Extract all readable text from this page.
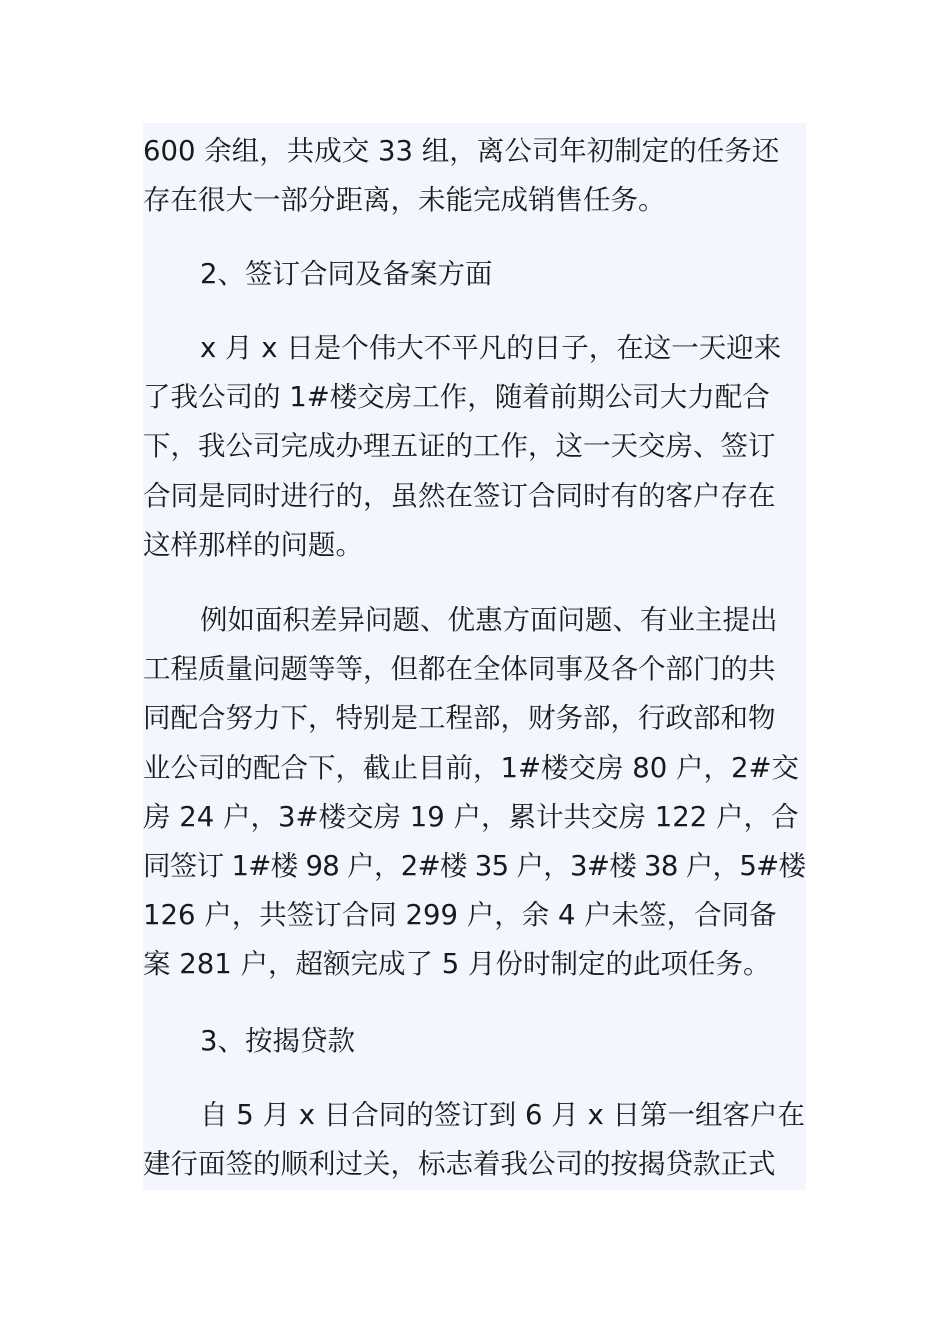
600 余组，共成交 33 组，离公司年初制定的任务还
存在很大一部分距离，未能完成销售任务。
2、签订合同及备案方面
x 月 x 日是个伟大不平凡的日子，在这一天迎来
了我公司的 1#楼交房工作，随着前期公司大力配合
下，我公司完成办理五证的工作，这一天交房、签订
合同是同时进行的，虽然在签订合同时有的客户存在
这样那样的问题。
例如面积差异问题、优惠方面问题、有业主提出
工程质量问题等等，但都在全体同事及各个部门的共
同配合努力下，特别是工程部，财务部，行政部和物
业公司的配合下，截止目前，1#楼交房 80 户，2#交
房 24 户，3#楼交房 19 户，累计共交房 122 户，合
同签订 1#楼 98 户，2#楼 35 户，3#楼 38 户，5#楼
126 户，共签订合同 299 户，余 4 户未签，合同备
案 281 户，超额完成了 5 月份时制定的此项任务。
3、按揭贷款
自 5 月 x 日合同的签订到 6 月 x 日第一组客户在
建行面签的顺利过关，标志着我公司的按揭贷款正式
